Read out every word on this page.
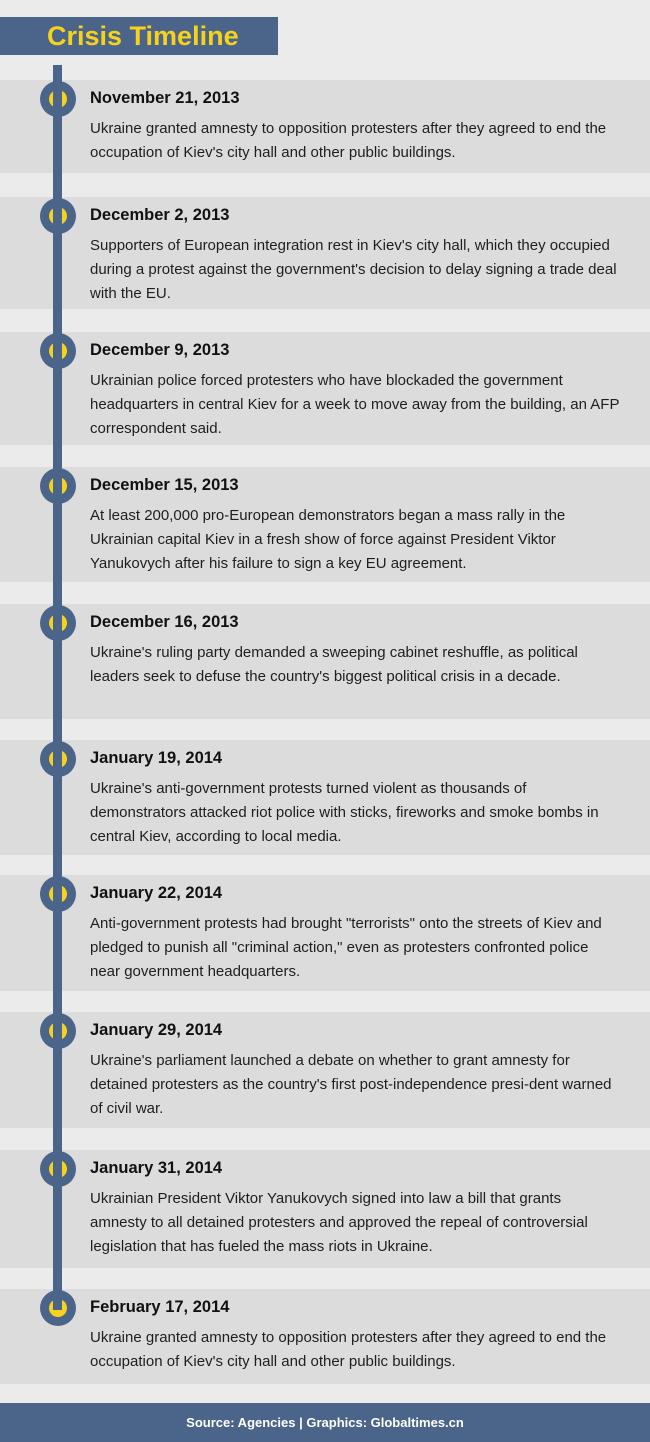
Crisis Timeline
November 21, 2013
Ukraine granted amnesty to opposition protesters after they agreed to end the occupation of Kiev's city hall and other public buildings.
December 2, 2013
Supporters of European integration rest in Kiev's city hall, which they occupied during a protest against the government's decision to delay signing a trade deal with the EU.
December 9, 2013
Ukrainian police forced protesters who have blockaded the government headquarters in central Kiev for a week to move away from the building, an AFP correspondent said.
December 15, 2013
At least 200,000 pro-European demonstrators began a mass rally in the Ukrainian capital Kiev in a fresh show of force against President Viktor Yanukovych after his failure to sign a key EU agreement.
December 16, 2013
Ukraine's ruling party demanded a sweeping cabinet reshuffle, as political leaders seek to defuse the country's biggest political crisis in a decade.
January 19, 2014
Ukraine's anti-government protests turned violent as thousands of demonstrators attacked riot police with sticks, fireworks and smoke bombs in central Kiev, according to local media.
January 22, 2014
Anti-government protests had brought "terrorists" onto the streets of Kiev and pledged to punish all "criminal action," even as protesters confronted police near government headquarters.
January 29, 2014
Ukraine's parliament launched a debate on whether to grant amnesty for detained protesters as the country's first post-independence presi-dent warned of civil war.
January 31, 2014
Ukrainian President Viktor Yanukovych signed into law a bill that grants amnesty to all detained protesters and approved the repeal of controversial legislation that has fueled the mass riots in Ukraine.
February 17, 2014
Ukraine granted amnesty to opposition protesters after they agreed to end the occupation of Kiev's city hall and other public buildings.
Source: Agencies | Graphics: Globaltimes.cn
